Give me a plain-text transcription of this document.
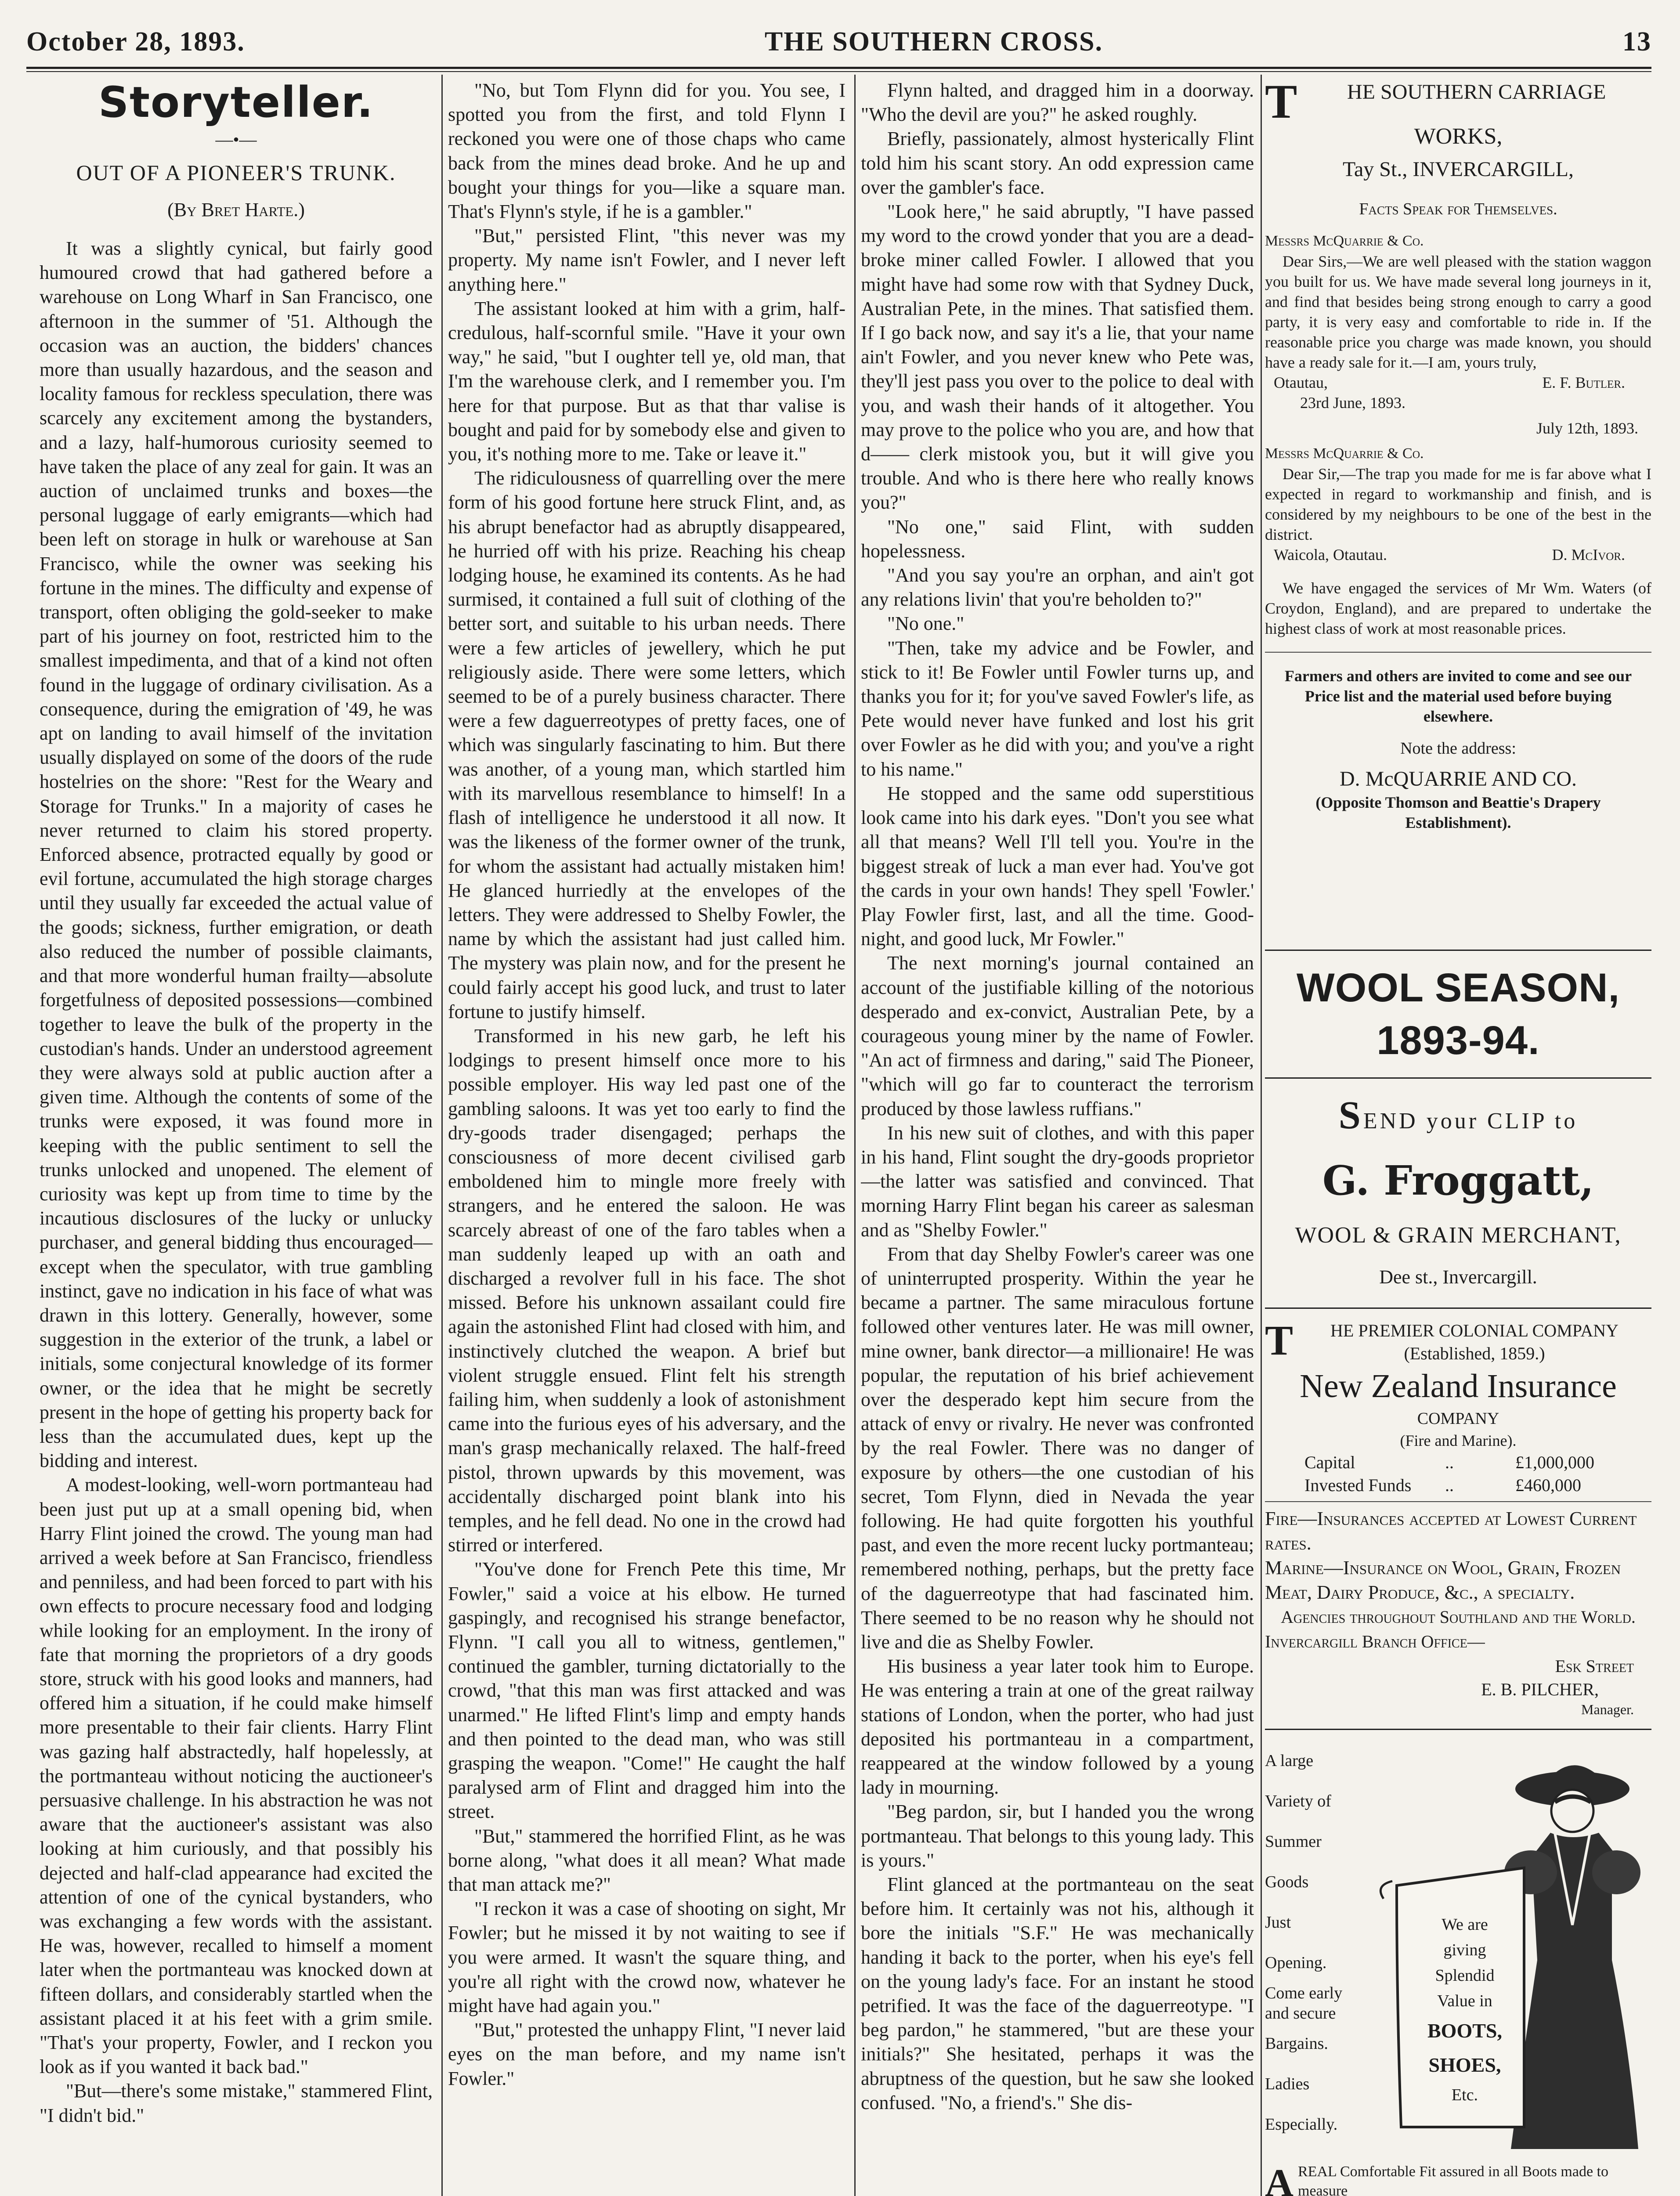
October 28, 1893.	THE SOUTHERN CROSS.	13
Storyteller.
—•—
OUT OF A PIONEER'S TRUNK.
(By Bret Harte.)

It was a slightly cynical, but fairly good humoured crowd that had gathered before a warehouse on Long Wharf in San Francisco, one afternoon in the summer of '51. Although the occasion was an auction, the bidders' chances more than usually hazardous, and the season and locality famous for reckless speculation, there was scarcely any excitement among the bystanders, and a lazy, half-humorous curiosity seemed to have taken the place of any zeal for gain. It was an auction of unclaimed trunks and boxes—the personal luggage of early emigrants—which had been left on storage in hulk or warehouse at San Francisco, while the owner was seeking his fortune in the mines. The difficulty and expense of transport, often obliging the gold-seeker to make part of his journey on foot, restricted him to the smallest impedimenta, and that of a kind not often found in the luggage of ordinary civilisation. As a consequence, during the emigration of '49, he was apt on landing to avail himself of the invitation usually displayed on some of the doors of the rude hostelries on the shore: "Rest for the Weary and Storage for Trunks." In a majority of cases he never returned to claim his stored property. Enforced absence, protracted equally by good or evil fortune, accumulated the high storage charges until they usually far exceeded the actual value of the goods; sickness, further emigration, or death also reduced the number of possible claimants, and that more wonderful human frailty—absolute forgetfulness of deposited possessions—combined together to leave the bulk of the property in the custodian's hands. Under an understood agreement they were always sold at public auction after a given time. Although the contents of some of the trunks were exposed, it was found more in keeping with the public sentiment to sell the trunks unlocked and unopened. The element of curiosity was kept up from time to time by the incautious disclosures of the lucky or unlucky purchaser, and general bidding thus encouraged—except when the speculator, with true gambling instinct, gave no indication in his face of what was drawn in this lottery. Generally, however, some suggestion in the exterior of the trunk, a label or initials, some conjectural knowledge of its former owner, or the idea that he might be secretly present in the hope of getting his property back for less than the accumulated dues, kept up the bidding and interest.

A modest-looking, well-worn portmanteau had been just put up at a small opening bid, when Harry Flint joined the crowd. The young man had arrived a week before at San Francisco, friendless and penniless, and had been forced to part with his own effects to procure necessary food and lodging while looking for an employment. In the irony of fate that morning the proprietors of a dry goods store, struck with his good looks and manners, had offered him a situation, if he could make himself more presentable to their fair clients. Harry Flint was gazing half abstractedly, half hopelessly, at the portmanteau without noticing the auctioneer's persuasive challenge. In his abstraction he was not aware that the auctioneer's assistant was also looking at him curiously, and that possibly his dejected and half-clad appearance had excited the attention of one of the cynical bystanders, who was exchanging a few words with the assistant. He was, however, recalled to himself a moment later when the portmanteau was knocked down at fifteen dollars, and considerably startled when the assistant placed it at his feet with a grim smile. "That's your property, Fowler, and I reckon you look as if you wanted it back bad."

"But—there's some mistake," stammered Flint, "I didn't bid."

"No, but Tom Flynn did for you. You see, I spotted you from the first, and told Flynn I reckoned you were one of those chaps who came back from the mines dead broke. And he up and bought your things for you—like a square man. That's Flynn's style, if he is a gambler."

"But," persisted Flint, "this never was my property. My name isn't Fowler, and I never left anything here."

The assistant looked at him with a grim, half-credulous, half-scornful smile. "Have it your own way," he said, "but I oughter tell ye, old man, that I'm the warehouse clerk, and I remember you. I'm here for that purpose. But as that thar valise is bought and paid for by somebody else and given to you, it's nothing more to me. Take or leave it."

The ridiculousness of quarrelling over the mere form of his good fortune here struck Flint, and, as his abrupt benefactor had as abruptly disappeared, he hurried off with his prize. Reaching his cheap lodging house, he examined its contents. As he had surmised, it contained a full suit of clothing of the better sort, and suitable to his urban needs. There were a few articles of jewellery, which he put religiously aside. There were some letters, which seemed to be of a purely business character. There were a few daguerreotypes of pretty faces, one of which was singularly fascinating to him. But there was another, of a young man, which startled him with its marvellous resemblance to himself! In a flash of intelligence he understood it all now. It was the likeness of the former owner of the trunk, for whom the assistant had actually mistaken him! He glanced hurriedly at the envelopes of the letters. They were addressed to Shelby Fowler, the name by which the assistant had just called him. The mystery was plain now, and for the present he could fairly accept his good luck, and trust to later fortune to justify himself.

Transformed in his new garb, he left his lodgings to present himself once more to his possible employer. His way led past one of the gambling saloons. It was yet too early to find the dry-goods trader disengaged; perhaps the consciousness of more decent civilised garb emboldened him to mingle more freely with strangers, and he entered the saloon. He was scarcely abreast of one of the faro tables when a man suddenly leaped up with an oath and discharged a revolver full in his face. The shot missed. Before his unknown assailant could fire again the astonished Flint had closed with him, and instinctively clutched the weapon. A brief but violent struggle ensued. Flint felt his strength failing him, when suddenly a look of astonishment came into the furious eyes of his adversary, and the man's grasp mechanically relaxed. The half-freed pistol, thrown upwards by this movement, was accidentally discharged point blank into his temples, and he fell dead. No one in the crowd had stirred or interfered.

"You've done for French Pete this time, Mr Fowler," said a voice at his elbow. He turned gaspingly, and recognised his strange benefactor, Flynn. "I call you all to witness, gentlemen," continued the gambler, turning dictatorially to the crowd, "that this man was first attacked and was unarmed." He lifted Flint's limp and empty hands and then pointed to the dead man, who was still grasping the weapon. "Come!" He caught the half paralysed arm of Flint and dragged him into the street.

"But," stammered the horrified Flint, as he was borne along, "what does it all mean? What made that man attack me?"

"I reckon it was a case of shooting on sight, Mr Fowler; but he missed it by not waiting to see if you were armed. It wasn't the square thing, and you're all right with the crowd now, whatever he might have had again you."

"But," protested the unhappy Flint, "I never laid eyes on the man before, and my name isn't Fowler."

Flynn halted, and dragged him in a doorway. "Who the devil are you?" he asked roughly.

Briefly, passionately, almost hysterically Flint told him his scant story. An odd expression came over the gambler's face.

"Look here," he said abruptly, "I have passed my word to the crowd yonder that you are a dead-broke miner called Fowler. I allowed that you might have had some row with that Sydney Duck, Australian Pete, in the mines. That satisfied them. If I go back now, and say it's a lie, that your name ain't Fowler, and you never knew who Pete was, they'll jest pass you over to the police to deal with you, and wash their hands of it altogether. You may prove to the police who you are, and how that d—— clerk mistook you, but it will give you trouble. And who is there here who really knows you?"

"No one," said Flint, with sudden hopelessness.

"And you say you're an orphan, and ain't got any relations livin' that you're beholden to?"

"No one."

"Then, take my advice and be Fowler, and stick to it! Be Fowler until Fowler turns up, and thanks you for it; for you've saved Fowler's life, as Pete would never have funked and lost his grit over Fowler as he did with you; and you've a right to his name."

He stopped and the same odd superstitious look came into his dark eyes. "Don't you see what all that means? Well I'll tell you. You're in the biggest streak of luck a man ever had. You've got the cards in your own hands! They spell 'Fowler.' Play Fowler first, last, and all the time. Good-night, and good luck, Mr Fowler."

The next morning's journal contained an account of the justifiable killing of the notorious desperado and ex-convict, Australian Pete, by a courageous young miner by the name of Fowler. "An act of firmness and daring," said The Pioneer, "which will go far to counteract the terrorism produced by those lawless ruffians."

In his new suit of clothes, and with this paper in his hand, Flint sought the dry-goods proprietor—the latter was satisfied and convinced. That morning Harry Flint began his career as salesman and as "Shelby Fowler."

From that day Shelby Fowler's career was one of uninterrupted prosperity. Within the year he became a partner. The same miraculous fortune followed other ventures later. He was mill owner, mine owner, bank director—a millionaire! He was popular, the reputation of his brief achievement over the desperado kept him secure from the attack of envy or rivalry. He never was confronted by the real Fowler. There was no danger of exposure by others—the one custodian of his secret, Tom Flynn, died in Nevada the year following. He had quite forgotten his youthful past, and even the more recent lucky portmanteau; remembered nothing, perhaps, but the pretty face of the daguerreotype that had fascinated him. There seemed to be no reason why he should not live and die as Shelby Fowler.

His business a year later took him to Europe. He was entering a train at one of the great railway stations of London, when the porter, who had just deposited his portmanteau in a compartment, reappeared at the window followed by a young lady in mourning.

"Beg pardon, sir, but I handed you the wrong portmanteau. That belongs to this young lady. This is yours."

Flint glanced at the portmanteau on the seat before him. It certainly was not his, although it bore the initials "S.F." He was mechanically handing it back to the porter, when his eye's fell on the young lady's face. For an instant he stood petrified. It was the face of the daguerreotype. "I beg pardon," he stammered, "but are these your initials?" She hesitated, perhaps it was the abruptness of the question, but he saw she looked confused. "No, a friend's." She dis-

T HE SOUTHERN CARRIAGE
WORKS,
Tay St., INVERCARGILL,
Facts Speak for Themselves.
Messrs McQuarrie & Co.
Dear Sirs,—We are well pleased with the station waggon you built for us. We have made several long journeys in it, and find that besides being strong enough to carry a good party, it is very easy and comfortable to ride in. If the reasonable price you charge was made known, you should have a ready sale for it.—I am, yours truly,
Otautau,	E. F. Butler.
23rd June, 1893.
July 12th, 1893.
Messrs McQuarrie & Co.
Dear Sir,—The trap you made for me is far above what I expected in regard to workmanship and finish, and is considered by my neighbours to be one of the best in the district.
Waicola, Otautau.	D. McIvor.
We have engaged the services of Mr Wm. Waters (of Croydon, England), and are prepared to undertake the highest class of work at most reasonable prices.
Farmers and others are invited to come and see our Price list and the material used before buying elsewhere.
Note the address:
D. McQUARRIE AND CO.
(Opposite Thomson and Beattie's Drapery Establishment).
WOOL SEASON, 1893-94.
SEND your CLIP to
G. Froggatt,
WOOL & GRAIN MERCHANT,
Dee st., Invercargill.
T HE PREMIER COLONIAL COMPANY
(Established, 1859.)
New Zealand Insurance
COMPANY
(Fire and Marine).
Capital	..	£1,000,000
Invested Funds	..	£460,000
Fire—Insurances accepted at Lowest Current rates.
Marine—Insurance on Wool, Grain, Frozen Meat, Dairy Produce, &c., a specialty.
Agencies throughout Southland and the World.
Invercargill Branch Office—
Esk Street
E. B. PILCHER,
Manager.
A large
Variety of
Summer
Goods
Just
Opening.
Come early
and secure
Bargains.
Ladies
Especially.
We are
giving
Splendid
Value in
BOOTS,
SHOES,
Etc.
A REAL Comfortable Fit assured in all Boots made to measure
